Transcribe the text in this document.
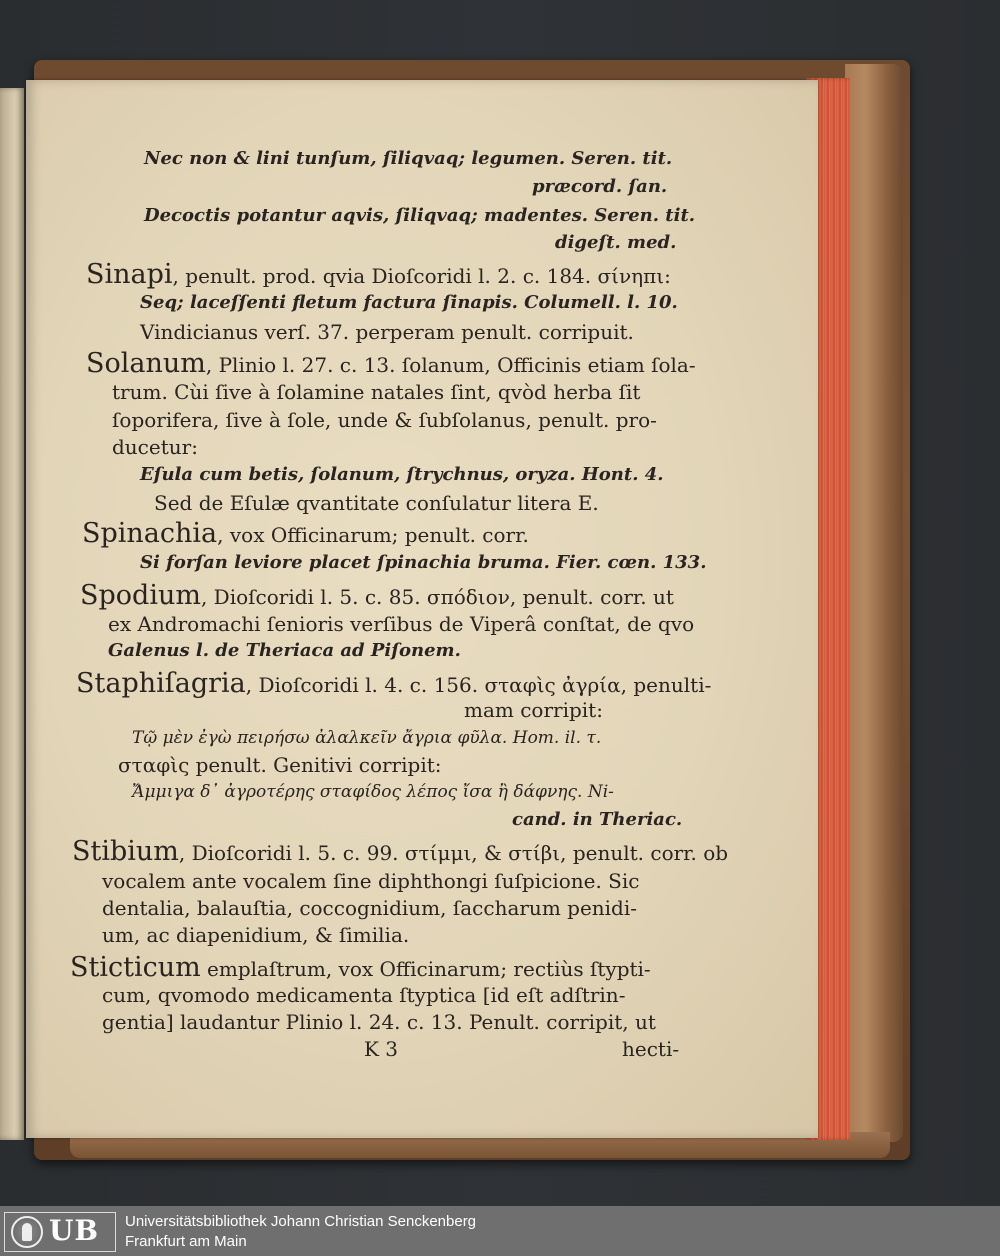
Nec non & lini tunſum, ſiliqvaq; legumen. Seren. tit.
præcord. ſan.
Decoctis potantur aqvis, ſiliqvaq; madentes. Seren. tit.
digeſt. med.
Sinapi, penult. prod. qvia Dioſcoridi l. 2. c. 184. σίνηπι:
Seq; laceſſenti fletum factura ſinapis. Columell. l. 10.
Vindicianus verſ. 37. perperam penult. corripuit.
Solanum, Plinio l. 27. c. 13. ſolanum, Officinis etiam ſola-
trum. Cùi ſive à ſolamine natales ſint, qvòd herba ſit
ſoporifera, ſive à ſole, unde & ſubſolanus, penult. pro-
ducetur:
Eſula cum betis, ſolanum, ſtrychnus, oryza. Hont. 4.
Sed de Eſulæ qvantitate conſulatur litera E.
Spinachia, vox Officinarum; penult. corr.
Si forſan leviore placet ſpinachia bruma. Fier. cœn. 133.
Spodium, Dioſcoridi l. 5. c. 85. σπόδιον, penult. corr. ut
ex Andromachi ſenioris verſibus de Viperâ conſtat, de qvo
Galenus l. de Theriaca ad Piſonem.
Staphiſagria, Dioſcoridi l. 4. c. 156. σταφὶς ἀγρία, penulti-
mam corripit:
Τῷ μὲν ἐγὼ πειρήσω ἀλαλκεῖν ἄγρια φῦλα. Hom. il. τ.
σταφὶς penult. Genitivi corripit:
Ἄμμιγα δ᾽ ἀγροτέρης σταφίδος λέπος ἴσα ἢ δάφνης. Ni-
cand. in Theriac.
Stibium, Dioſcoridi l. 5. c. 99. στίμμι, & στίβι, penult. corr. ob
vocalem ante vocalem ſine diphthongi ſuſpicione. Sic
dentalia, balauſtia, coccognidium, ſaccharum penidi-
um, ac diapenidium, & ſimilia.
Sticticum emplaſtrum, vox Officinarum; rectiùs ſtypti-
cum, qvomodo medicamenta ſtyptica [id eſt adſtrin-
gentia] laudantur Plinio l. 24. c. 13. Penult. corripit, ut
K 3	hecti-
UB Universitätsbibliothek Johann Christian Senckenberg
Frankfurt am Main
